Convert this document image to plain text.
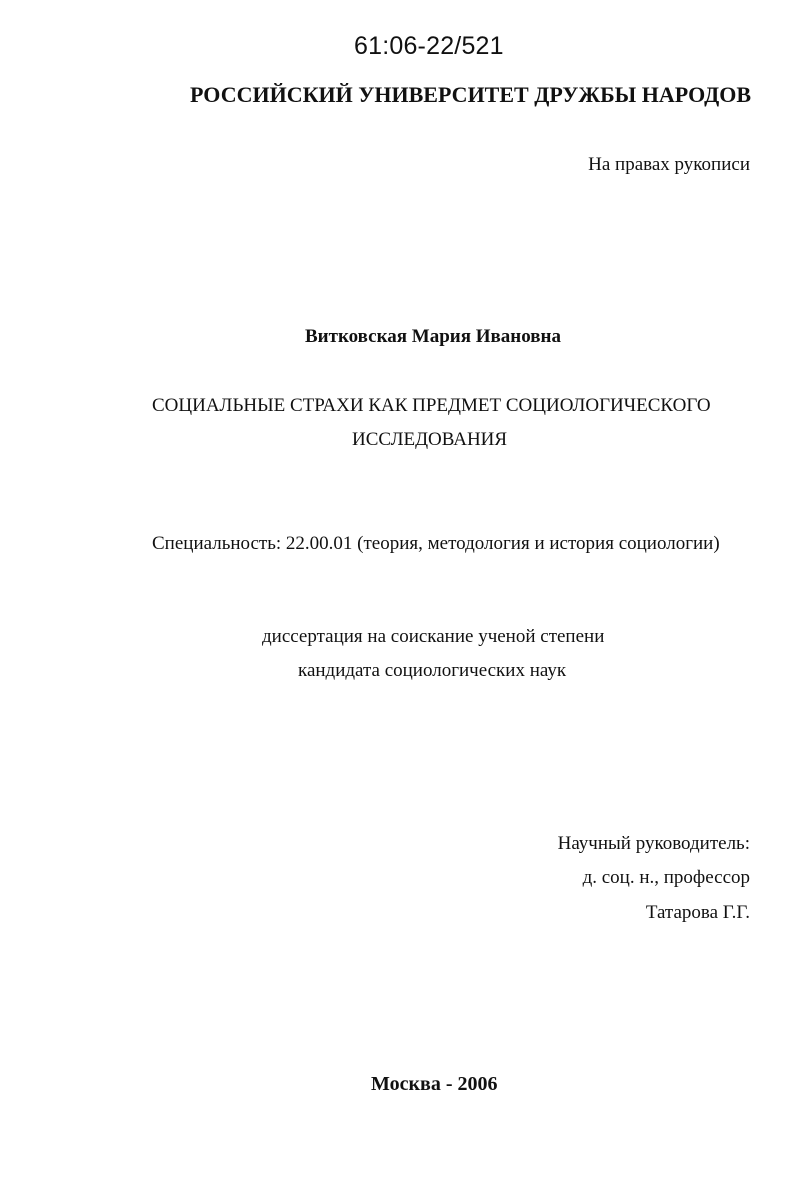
61:06-22/521
РОССИЙСКИЙ УНИВЕРСИТЕТ ДРУЖБЫ НАРОДОВ
На правах рукописи
Витковская Мария Ивановна
СОЦИАЛЬНЫЕ СТРАХИ КАК ПРЕДМЕТ СОЦИОЛОГИЧЕСКОГО
ИССЛЕДОВАНИЯ
Специальность: 22.00.01 (теория, методология и история социологии)
диссертация на соискание ученой степени
кандидата социологических наук
Научный руководитель:
д. соц. н., профессор
Татарова Г.Г.
Москва - 2006
